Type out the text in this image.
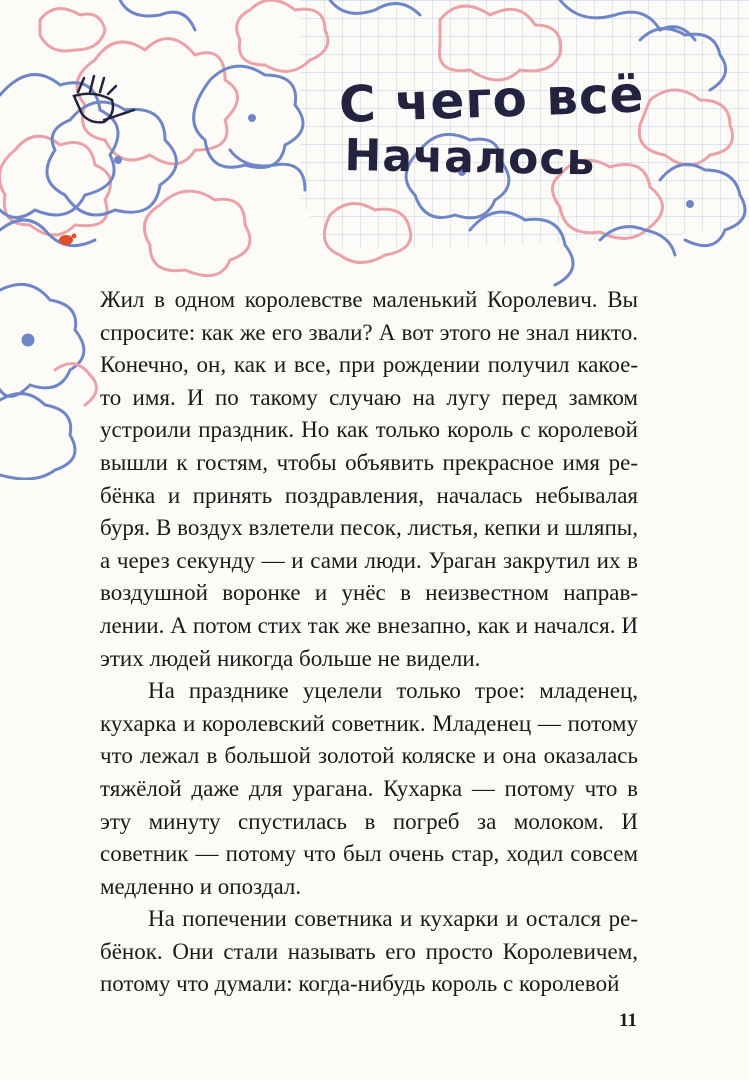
С чего всё
Началось

Жил в одном королевстве маленький Королевич. Вы спросите: как же его звали? А вот этого не знал никто. Конечно, он, как и все, при рождении получил какое-то имя. И по такому случаю на лугу перед замком устроили праздник. Но как только король с королевой вышли к гостям, чтобы объявить прекрасное имя ребёнка и принять поздравления, началась небывалая буря. В воздух взлетели песок, листья, кепки и шляпы, а через секунду — и сами люди. Ураган закрутил их в воздушной воронке и унёс в неизвестном направлении. А потом стих так же внезапно, как и начался. И этих людей никогда больше не видели.

На празднике уцелели только трое: младенец, кухарка и королевский советник. Младенец — потому что лежал в большой золотой коляске и она оказалась тяжёлой даже для урагана. Кухарка — потому что в эту минуту спустилась в погреб за молоком. И советник — потому что был очень стар, ходил совсем медленно и опоздал.

На попечении советника и кухарки и остался ребёнок. Они стали называть его просто Королевичем, потому что думали: когда-нибудь король с королевой

11
